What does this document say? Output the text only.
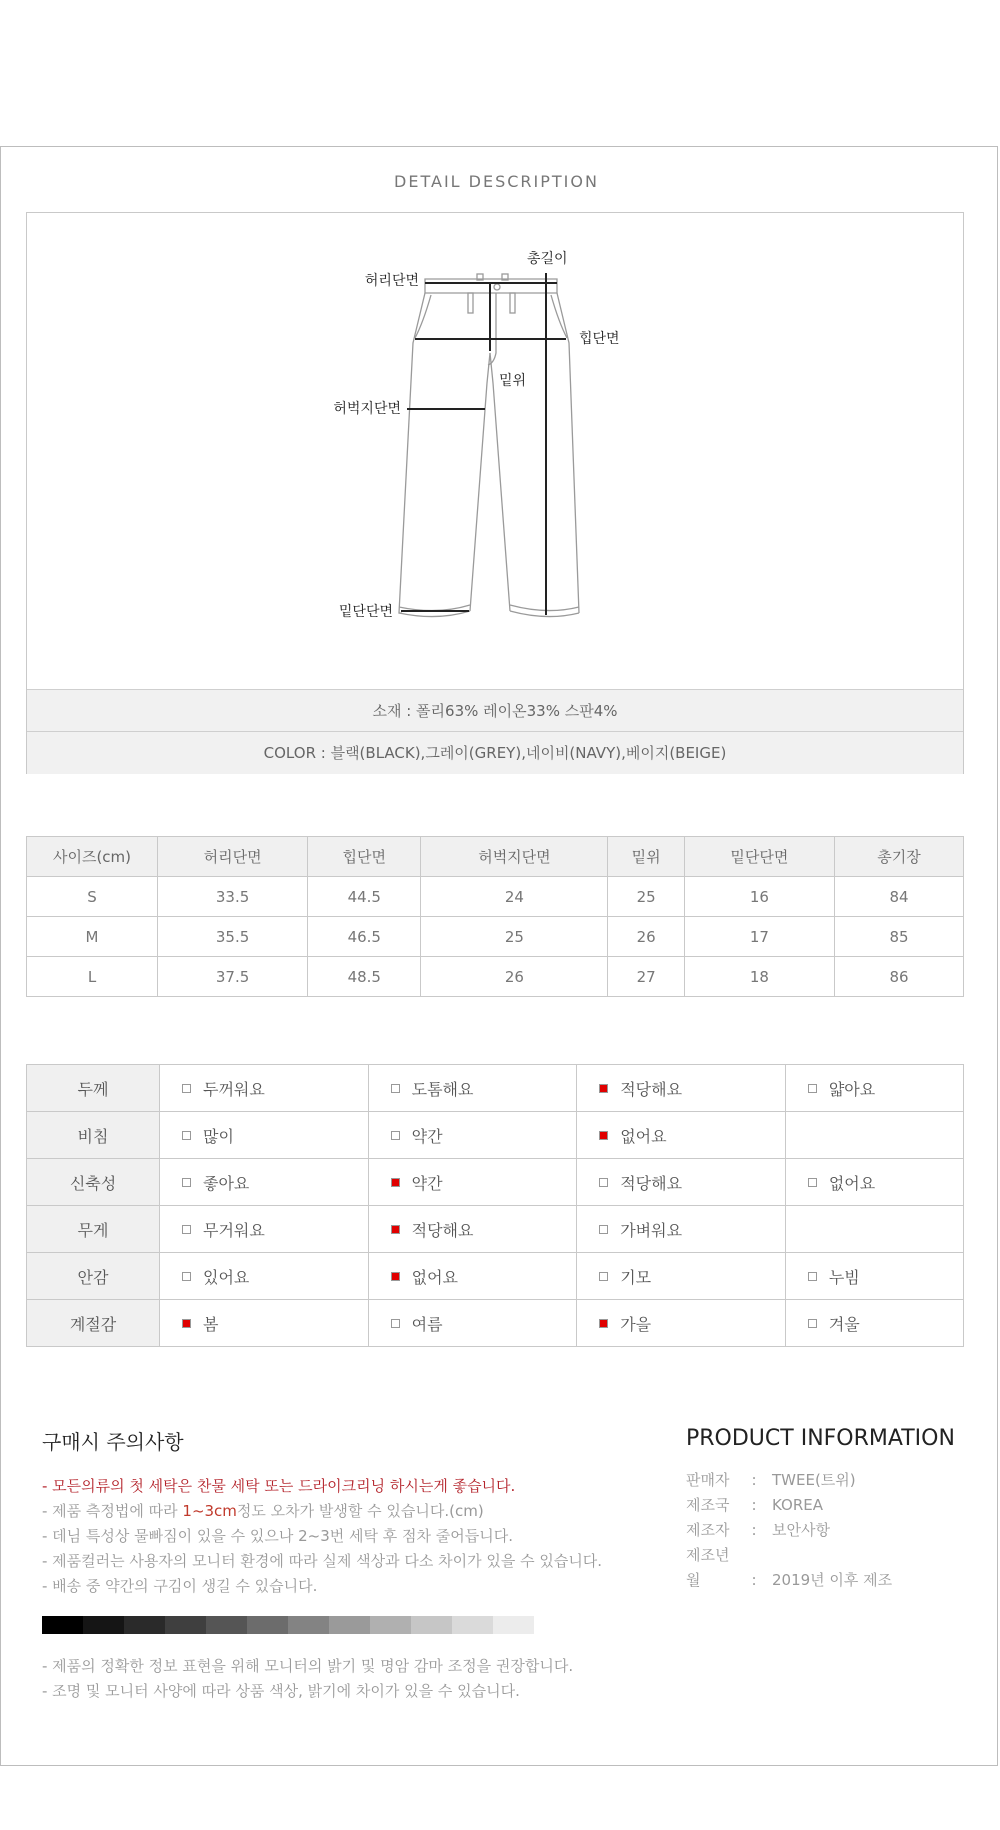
DETAIL DESCRIPTION
허리단면
총길이
힙단면
밑위
허벅지단면
밑단단면
소재 : 폴리63% 레이온33% 스판4%
COLOR : 블랙(BLACK),그레이(GREY),네이비(NAVY),베이지(BEIGE)
사이즈(cm)	허리단면	힙단면	허벅지단면	밑위	밑단단면	총기장
S	33.5	44.5	24	25	16	84
M	35.5	46.5	25	26	17	85
L	37.5	48.5	26	27	18	86
두께	두꺼워요	도톰해요	적당해요	얇아요

비침	많이	약간	없어요	

신축성	좋아요	약간	적당해요	없어요

무게	무거워요	적당해요	가벼워요	

안감	있어요	없어요	기모	누빔

계절감	봄	여름	가을	겨울
구매시 주의사항
- 모든의류의 첫 세탁은 찬물 세탁 또는 드라이크리닝 하시는게 좋습니다.
- 제품 측정법에 따라 1~3cm정도 오차가 발생할 수 있습니다.(cm)
- 데님 특성상 물빠짐이 있을 수 있으나 2~3번 세탁 후 점차 줄어듭니다.
- 제품컬러는 사용자의 모니터 환경에 따라 실제 색상과 다소 차이가 있을 수 있습니다.
- 배송 중 약간의 구김이 생길 수 있습니다.
- 제품의 정확한 정보 표현을 위해 모니터의 밝기 및 명암 감마 조정을 권장합니다.
- 조명 및 모니터 사양에 따라 상품 색상, 밝기에 차이가 있을 수 있습니다.
PRODUCT INFORMATION
판매자 : TWEE(트위)
제조국 : KOREA
제조자 : 보안사항
제조년월	: 2019년 이후 제조
